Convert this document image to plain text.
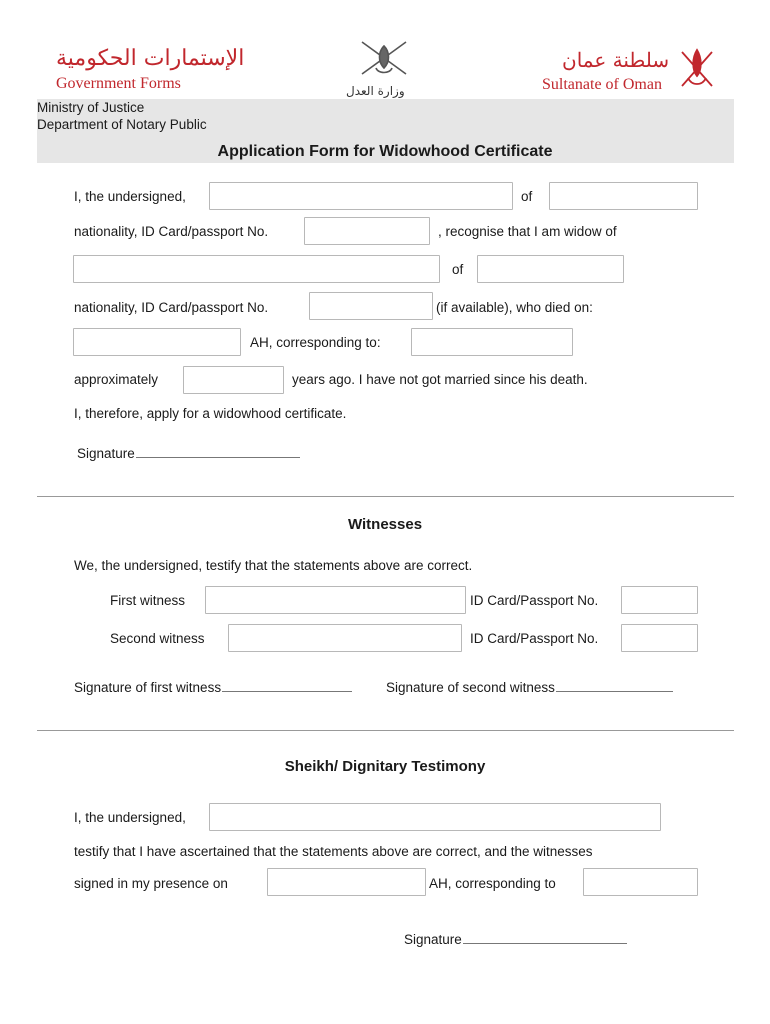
الإستمارات الحكومية
Government Forms	وزارة العدل
سلطنة عمان
Sultanate of Oman
Ministry of Justice
Department of Notary Public
Application Form for Widowhood Certificate
I, the undersigned,	of
nationality, ID Card/passport No.	, recognise that I am widow of
of
nationality, ID Card/passport No.	(if available), who died on:
AH, corresponding to:
approximately	years ago. I have not got married since his death.
I, therefore, apply for a widowhood certificate.
Signature
Witnesses
We, the undersigned, testify that the statements above are correct.
First witness	ID Card/Passport No.
Second witness	ID Card/Passport No.
Signature of first witness	Signature of second witness
Sheikh/ Dignitary Testimony
I, the undersigned,
testify that I have ascertained that the statements above are correct, and the witnesses
signed in my presence on	AH, corresponding to
Signature
